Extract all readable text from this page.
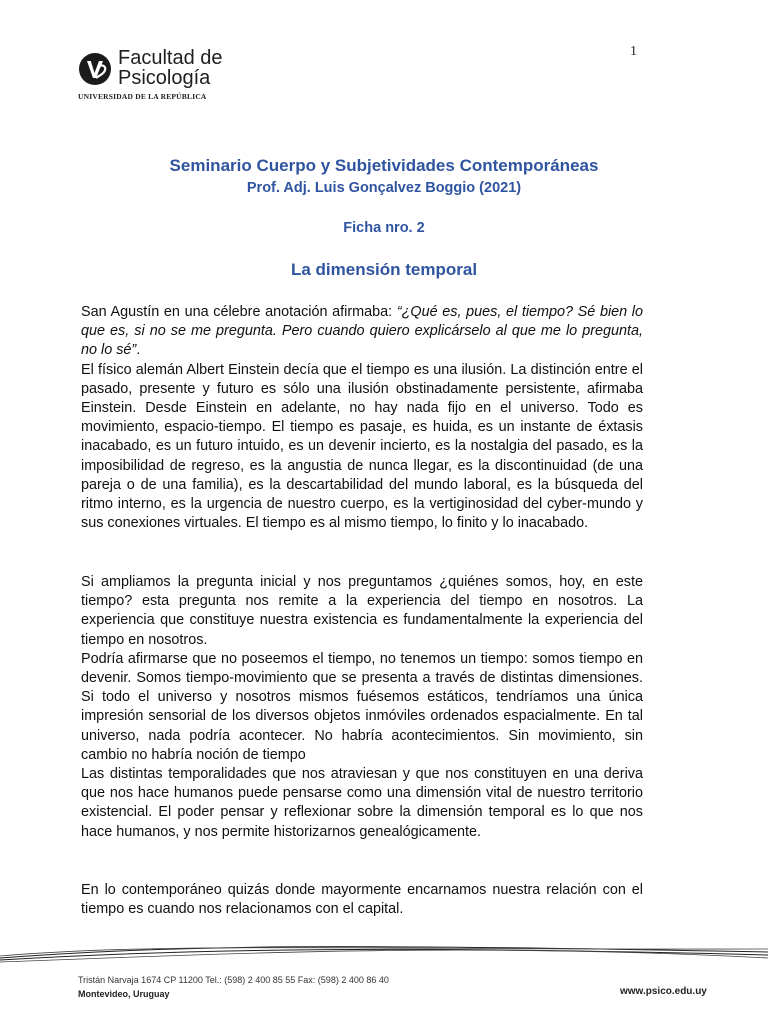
1
Facultad de
Psicología
UNIVERSIDAD DE LA REPÚBLICA
Seminario Cuerpo y Subjetividades Contemporáneas
Prof. Adj. Luis Gonçalvez Boggio (2021)
Ficha nro. 2
La dimensión temporal

San Agustín en una célebre anotación afirmaba: “¿Qué es, pues, el tiempo? Sé bien lo que es, si no se me pregunta. Pero cuando quiero explicárselo al que me lo pregunta, no lo sé”.

El físico alemán Albert Einstein decía que el tiempo es una ilusión. La distinción entre el pasado, presente y futuro es sólo una ilusión obstinadamente persistente, afirmaba Einstein. Desde Einstein en adelante, no hay nada fijo en el universo. Todo es movimiento, espacio-tiempo. El tiempo es pasaje, es huida, es un instante de éxtasis inacabado, es un futuro intuido, es un devenir incierto, es la nostalgia del pasado, es la imposibilidad de regreso, es la angustia de nunca llegar, es la discontinuidad (de una pareja o de una familia), es la descartabilidad del mundo laboral, es la búsqueda del ritmo interno, es la urgencia de nuestro cuerpo, es la vertiginosidad del cyber-mundo y sus conexiones virtuales. El tiempo es al mismo tiempo, lo finito y lo inacabado.

Si ampliamos la pregunta inicial y nos preguntamos ¿quiénes somos, hoy, en este tiempo? esta pregunta nos remite a la experiencia del tiempo en nosotros. La experiencia que constituye nuestra existencia es fundamentalmente la experiencia del tiempo en nosotros.

Podría afirmarse que no poseemos el tiempo, no tenemos un tiempo: somos tiempo en devenir. Somos tiempo-movimiento que se presenta a través de distintas dimensiones. Si todo el universo y nosotros mismos fuésemos estáticos, tendríamos una única impresión sensorial de los diversos objetos inmóviles ordenados espacialmente. En tal universo, nada podría acontecer. No habría acontecimientos. Sin movimiento, sin cambio no habría noción de tiempo

Las distintas temporalidades que nos atraviesan y que nos constituyen en una deriva que nos hace humanos puede pensarse como una dimensión vital de nuestro territorio existencial. El poder pensar y reflexionar sobre la dimensión temporal es lo que nos hace humanos, y nos permite historizarnos genealógicamente.

En lo contemporáneo quizás donde mayormente encarnamos nuestra relación con el tiempo es cuando nos relacionamos con el capital.

Tristán Narvaja 1674 CP 11200 Tel.: (598) 2 400 85 55 Fax: (598) 2 400 86 40
Montevideo, Uruguay	www.psico.edu.uy
